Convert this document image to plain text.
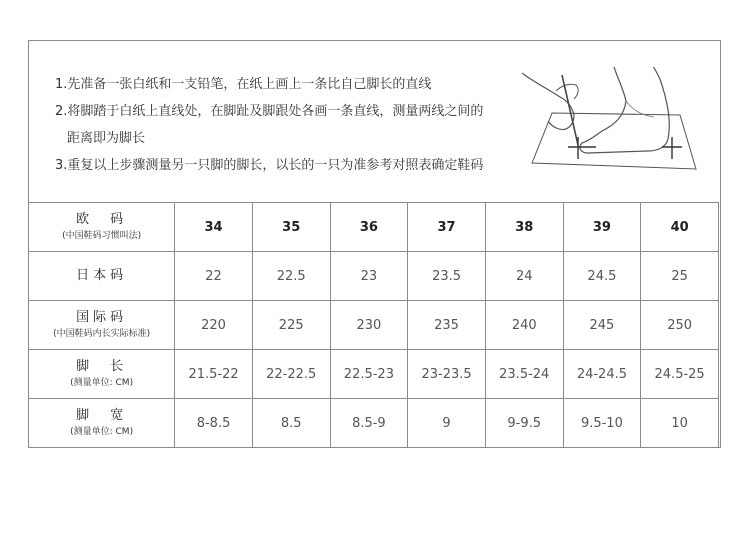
1.先准备一张白纸和一支铅笔，在纸上画上一条比自己脚长的直线
2.将脚踏于白纸上直线处，在脚趾及脚跟处各画一条直线，测量两线之间的
距离即为脚长
3.重复以上步骤测量另一只脚的脚长，以长的一只为准参考对照表确定鞋码
欧　码
(中国鞋码习惯叫法)	34	35	36	37	38	39	40

日本码	22	22.5	23	23.5	24	24.5	25

国际码
(中国鞋码内长实际标准)	220	225	230	235	240	245	250

脚　长
(测量单位: CM)	21.5-22	22-22.5	22.5-23	23-23.5	23.5-24	24-24.5	24.5-25

脚　宽
(测量单位: CM)	8-8.5	8.5	8.5-9	9	9-9.5	9.5-10	10
